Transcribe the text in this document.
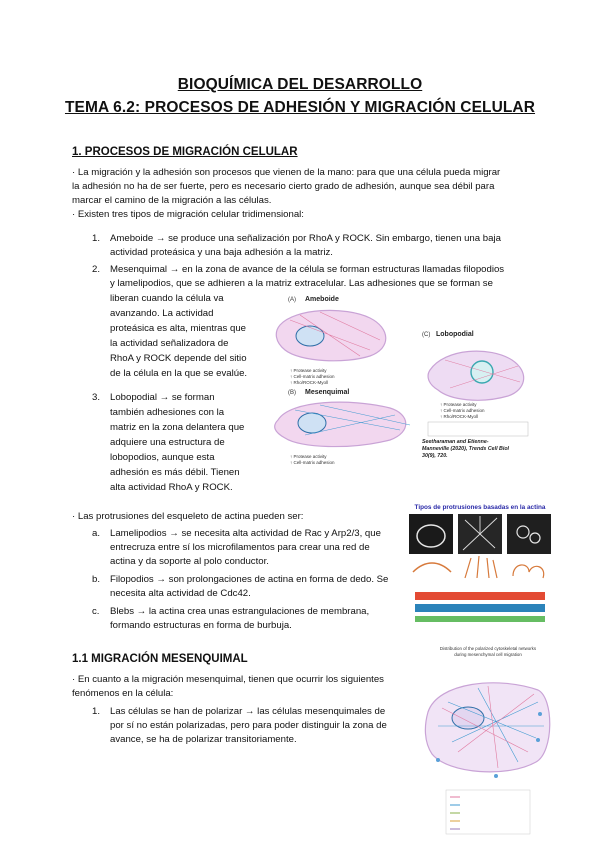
BIOQUÍMICA DEL DESARROLLO
TEMA 6.2: PROCESOS DE ADHESIÓN Y MIGRACIÓN CELULAR
1. PROCESOS DE MIGRACIÓN CELULAR
· La migración y la adhesión son procesos que vienen de la mano: para que una célula pueda migrar
la adhesión no ha de ser fuerte, pero es necesario cierto grado de adhesión, aunque sea débil para
marcar el camino de la migración a las células.
· Existen tres tipos de migración celular tridimensional:
1. Ameboide → se produce una señalización por RhoA y ROCK. Sin embargo, tienen una baja
actividad proteásica y una baja adhesión a la matriz.
2. Mesenquimal → en la zona de avance de la célula se forman estructuras llamadas filopodios
y lamelipodios, que se adhieren a la matriz extracelular. Las adhesiones que se forman se
liberan cuando la célula va
avanzando. La actividad
proteásica es alta, mientras que
la actividad señalizadora de
RhoA y ROCK depende del sitio
de la célula en la que se evalúe.
3. Lobopodial → se forman
también adhesiones con la
matriz en la zona delantera que
adquiere una estructura de
lobopodios, aunque esta
adhesión es más débil. Tienen
alta actividad RhoA y ROCK.
(A) Ameboide
↑ Protease activity
↑ Cell-matrix adhesion
↑ Rho/ROCK-Myoll
(B) Mesenquimal
↑ Protease activity
↑ Cell-matrix adhesion
(C) Lobopodial
↑ Protease activity
↑ Cell-matrix adhesion
↑ Rho/ROCK-Myoll
Seetharaman and Etienne-
Manneville (2020), Trends Cell Biol
30(9), 720.
· Las protrusiones del esqueleto de actina pueden ser:
a. Lamelipodios → se necesita alta actividad de Rac y Arp2/3, que
entrecruza entre sí los microfilamentos para crear una red de
actina y da soporte al polo conductor.
b. Filopodios → son prolongaciones de actina en forma de dedo. Se
necesita alta actividad de Cdc42.
c. Blebs → la actina crea unas estrangulaciones de membrana,
formando estructuras en forma de burbuja.
Tipos de protrusiones basadas en la actina
1.1 MIGRACIÓN MESENQUIMAL
· En cuanto a la migración mesenquimal, tienen que ocurrir los siguientes
fenómenos en la célula:
1. Las células se han de polarizar → las células mesenquimales de
por sí no están polarizadas, pero para poder distinguir la zona de
avance, se ha de polarizar transitoriamente.
Distribution of the polarized cytoskeletal networks
during mesenchymal cell migration
